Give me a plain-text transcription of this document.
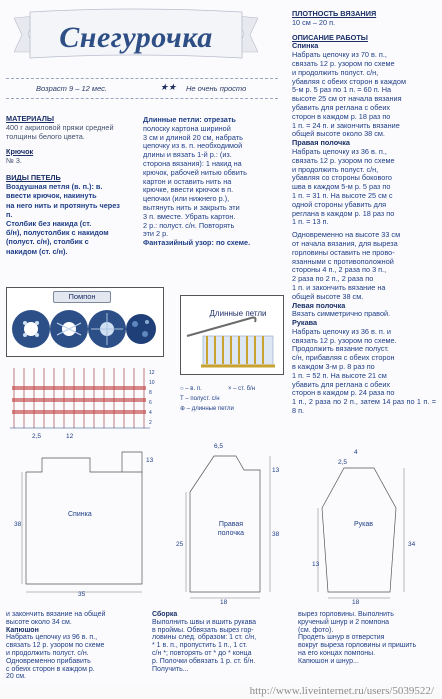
Снегурочка
Возраст 9 – 12 мес.	★★ Не очень просто
МАТЕРИАЛЫ
400 г акриловой пряжи средней толщины белого цвета.
Крючок
№ 3.
ВИДЫ ПЕТЕЛЬ
Воздушная петля (в. п.): в.
ввести крючок, накинуть
на него нить и протянуть через п.
Столбик без накида (ст.
б/н), полустолбик с накидом
(полуст. с/н), столбик с
накидом (ст. с/н).
Длинные петли: отрезать
полоску картона шириной
3 см и длиной 20 см, набрать
цепочку из в. п. необходимой
длины и вязать 1-й р.: (из.
сторона вязания): 1 накид на
крючок, рабочей нитью обвить
картон и оставить нить на
крючке, ввести крючок в п.
цепочки (или нижнего р.),
вытянуть нить и закрыть эти
3 п. вместе. Убрать картон.
2 р.: полуст. с/н. Повторять
эти 2 р.
Фантазийный узор: по схеме.
Помпон
Длинные петли
12
10
8
6
4
2
○ – в. п.	× – ст. б/н
Т – полуст. с/н
⊕ – длинные петли
2,5	12
35
38
13
Спинка
6,5
18
25
38
13
Правая полочка
2,5
4
18
34
13
Рукав
ПЛОТНОСТЬ ВЯЗАНИЯ
10 см – 20 п.
ОПИСАНИЕ РАБОТЫ
Спинка
Набрать цепочку из 70 в. п.,
связать 12 р. узором по схеме
и продолжить полуст. с/н,
убавляя с обеих сторон в каждом
5-м р. 5 раз по 1 п. = 60 п. На
высоте 25 см от начала вязания
убавить для реглана с обеих
сторон в каждом р. 18 раз по
1 п. = 24 п. и закончить вязание
общей высоте около 38 см.
Правая полочка
Набрать цепочку из 36 в. п.,
связать 12 р. узором по схеме
и продолжить полуст. с/н,
убавляя со стороны бокового
шва в каждом 5-м р. 5 раз по
1 п. = 31 п. На высоте 25 см с
одной стороны убавить для
реглана в каждом р. 18 раз по
1 п. = 13 п.
Одновременно на высоте 33 см
от начала вязания, для выреза
горловины оставить не прово-
язанными с противоположной
стороны 4 п., 2 раза по 3 п.,
2 раза по 2 п., 2 раза по
1 п. и закончить вязание на
общей высоте 38 см.
Левая полочка
Вязать симметрично правой.
Рукава
Набрать цепочку из 36 в. п. и
связать 12 р. узором по схеме.
Продолжить вязание полуст.
с/н, прибавляя с обеих сторон
в каждом 3-м р. 8 раз по
1 п. = 52 п. На высоте 21 см
убавить для реглана с обеих
сторон в каждом р. 24 раза по
1 п., 2 раза по 2 п., затем 14 раз по 1 п. = 8 п.
и закончить вязание на общей
высоте около 34 см.
Капюшон
Набрать цепочку из 96 в. п.,
связать 12 р. узором по схеме
и продолжить полуст. с/н.
Одновременно прибавить
с обеих сторон в каждом р.
20 см.
Сборка
Выполнить швы и вшить рукава
в проймы. Обвязать вырез гор-
ловины след. образом: 1 ст. с/н,
* 1 в. п., пропустить 1 п., 1 ст.
с/н *; повторять от * до * конца
р. Полочки обвязать 1 р. ст. б/н.
Получить...
вырез горловины. Выполнить
крученый шнур и 2 помпона
(см. фото).
Продеть шнур в отверстия
вокруг выреза горловины и пришить
на его концах помпоны.
Капюшон и шнур...
http://www.liveinternet.ru/users/5039522/
